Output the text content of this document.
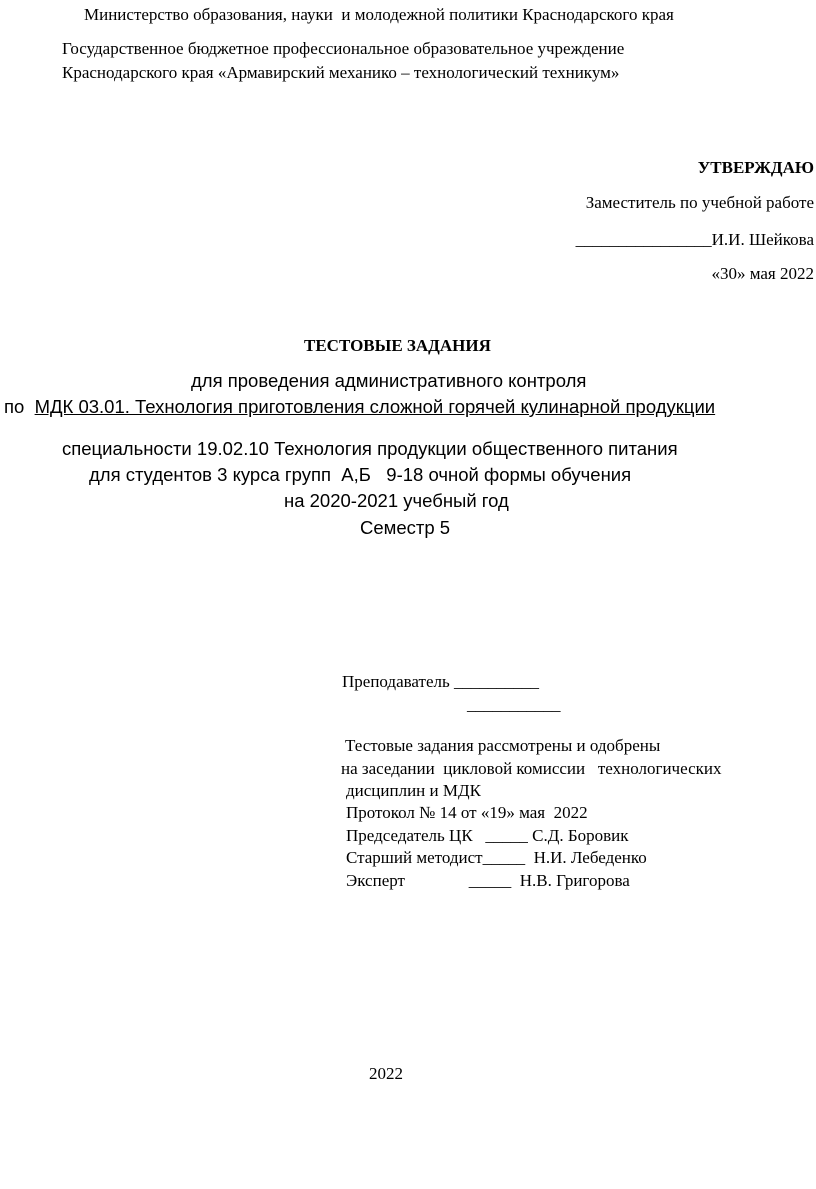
Министерство образования, науки  и молодежной политики Краснодарского края
Государственное бюджетное профессиональное образовательное учреждение
Краснодарского края «Армавирский механико – технологический техникум»
УТВЕРЖДАЮ
Заместитель по учебной работе
________________И.И. Шейкова
«30» мая 2022
ТЕСТОВЫЕ ЗАДАНИЯ
для проведения административного контроля
по  МДК 03.01. Технология приготовления сложной горячей кулинарной продукции
специальности 19.02.10 Технология продукции общественного питания
для студентов 3 курса групп  А,Б   9-18 очной формы обучения
на 2020-2021 учебный год
Семестр 5
Преподаватель __________
___________
Тестовые задания рассмотрены и одобрены
на заседании  цикловой комиссии   технологических
дисциплин и МДК
Протокол № 14 от «19» мая  2022
Председатель ЦК   _____ С.Д. Боровик
Старший методист_____  Н.И. Лебеденко
Эксперт               _____  Н.В. Григорова
2022
